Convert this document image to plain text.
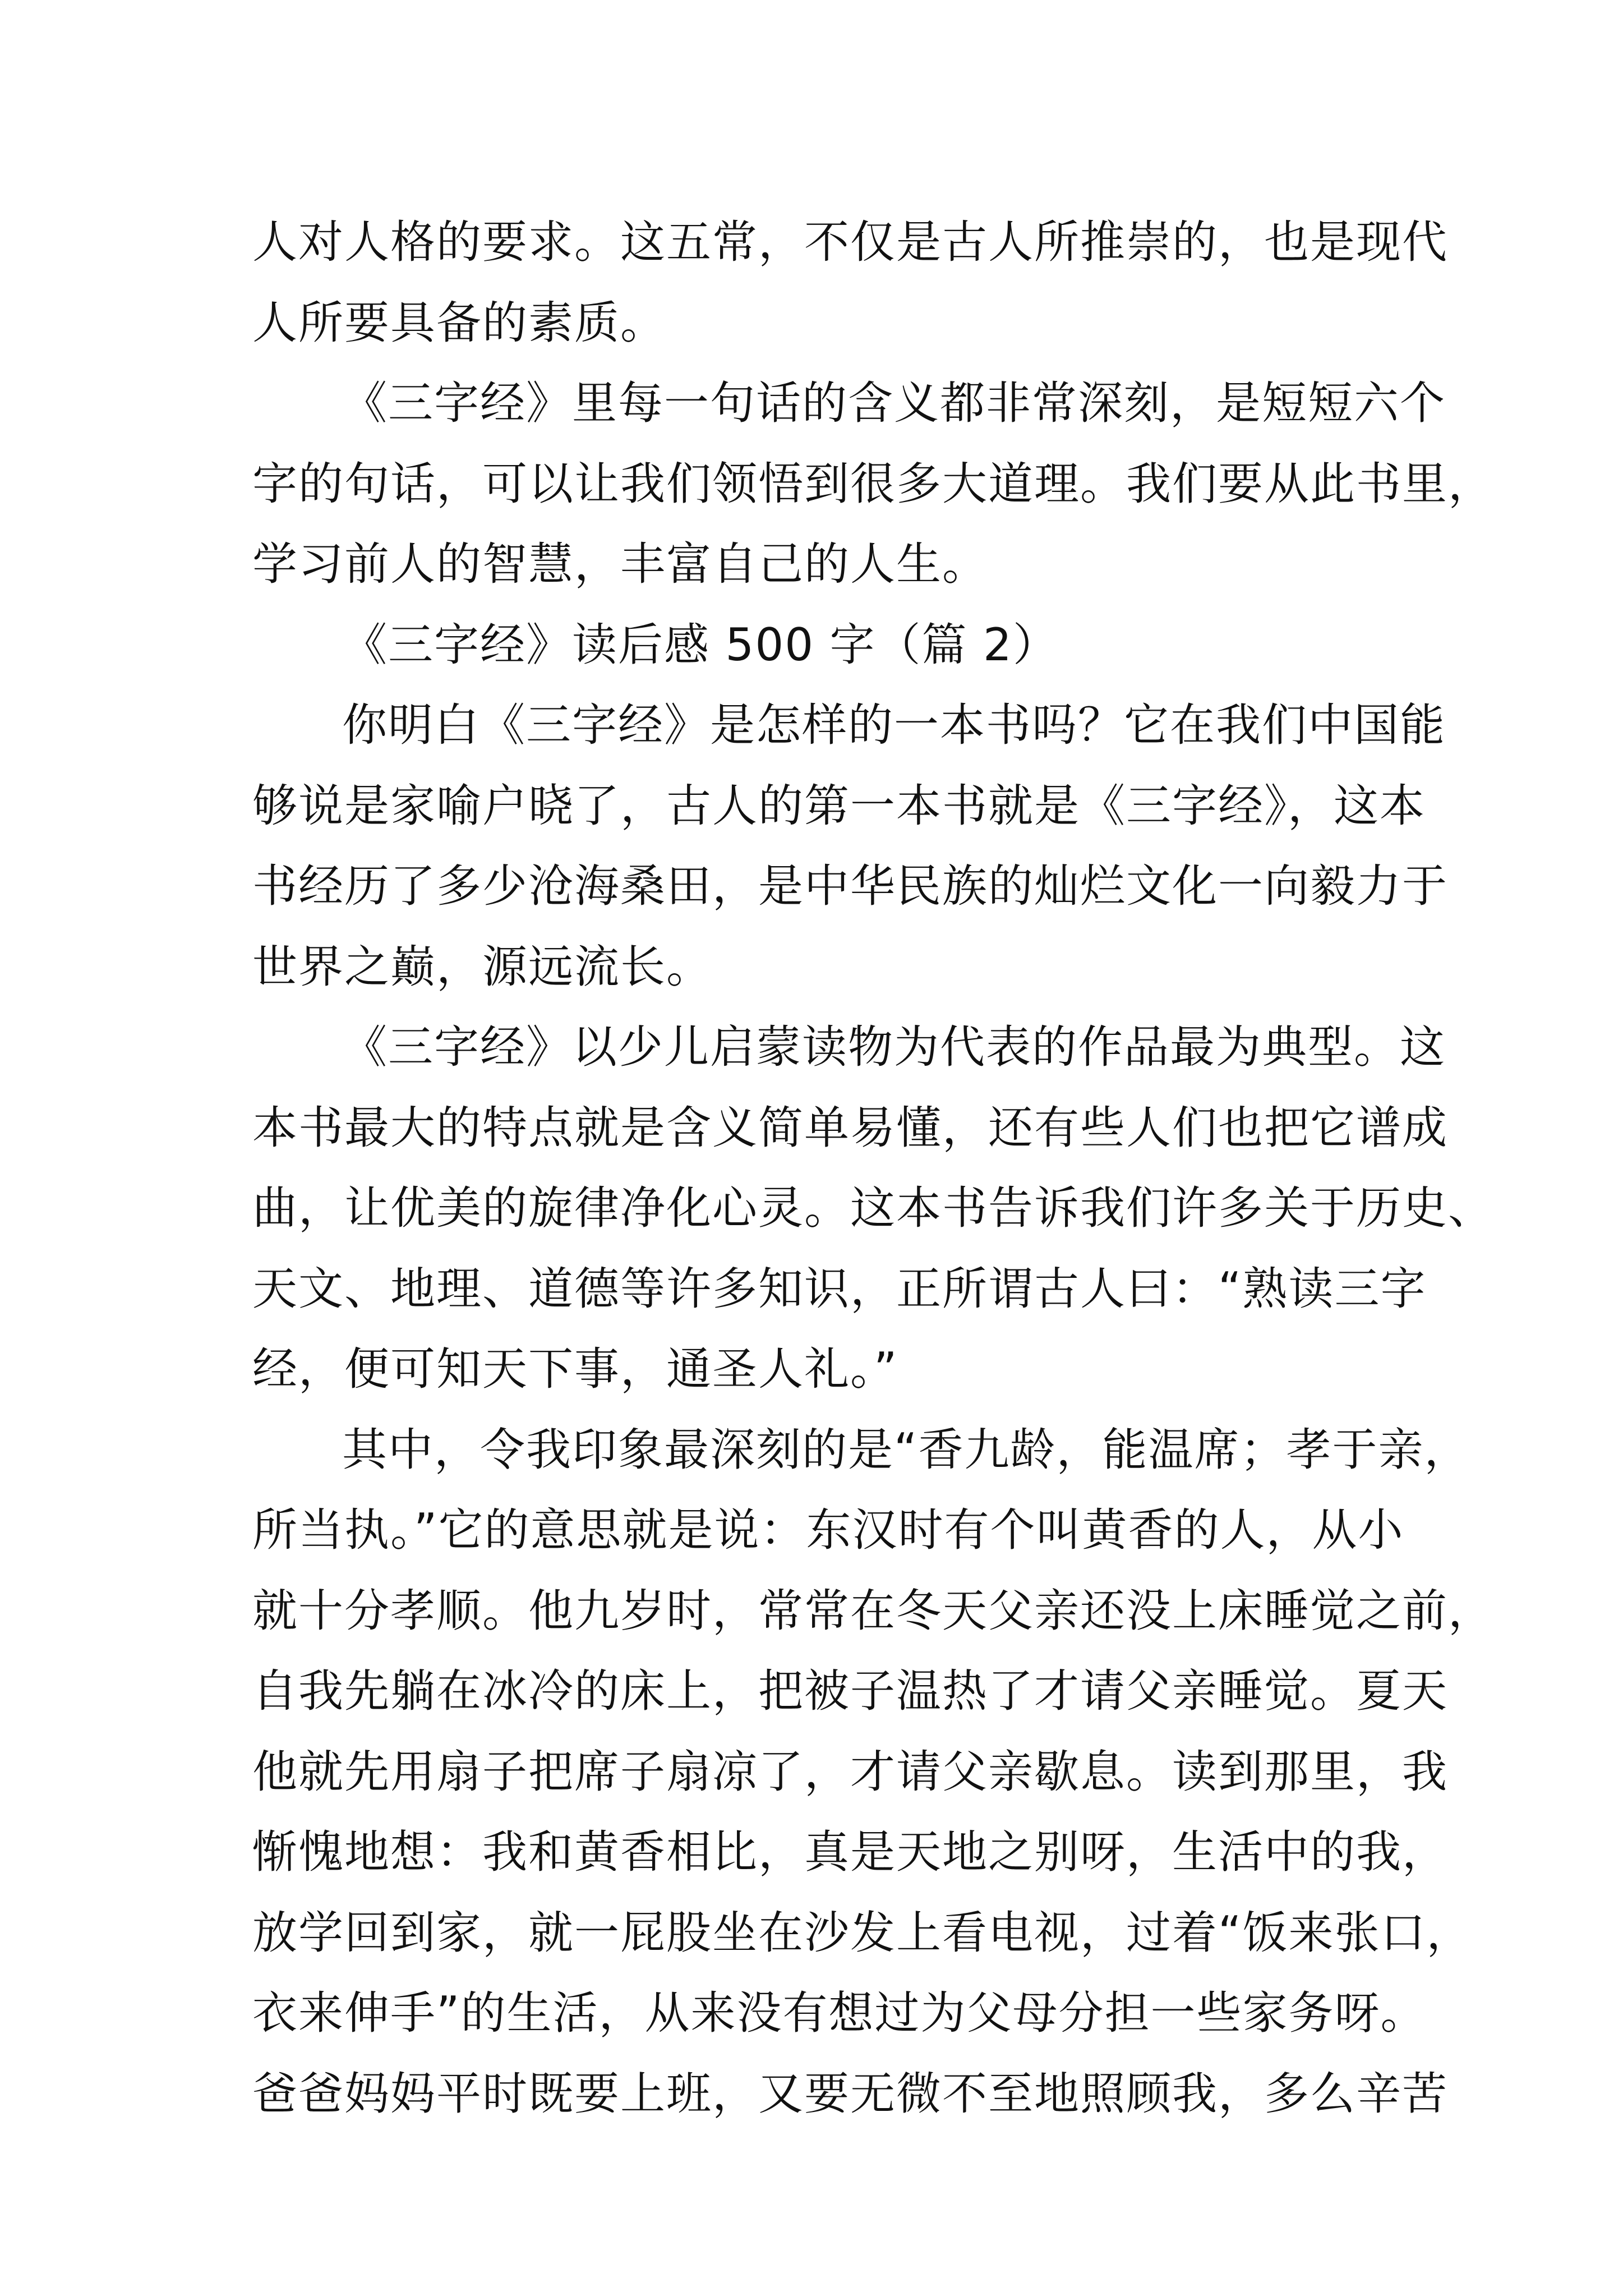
人对人格的要求。这五常，不仅是古人所推崇的，也是现代
人所要具备的素质。
《三字经》里每一句话的含义都非常深刻，是短短六个
字的句话，可以让我们领悟到很多大道理。我们要从此书里，
学习前人的智慧，丰富自己的人生。
《三字经》读后感 500 字（篇 2）
你明白《三字经》是怎样的一本书吗？它在我们中国能
够说是家喻户晓了，古人的第一本书就是《三字经》，这本
书经历了多少沧海桑田，是中华民族的灿烂文化一向毅力于
世界之巅，源远流长。
《三字经》以少儿启蒙读物为代表的作品最为典型。这
本书最大的特点就是含义简单易懂，还有些人们也把它谱成
曲，让优美的旋律净化心灵。这本书告诉我们许多关于历史、
天文、地理、道德等许多知识，正所谓古人曰：“熟读三字
经，便可知天下事，通圣人礼。”
其中，令我印象最深刻的是“香九龄，能温席；孝于亲，
所当执。”它的意思就是说：东汉时有个叫黄香的人，从小
就十分孝顺。他九岁时，常常在冬天父亲还没上床睡觉之前，
自我先躺在冰冷的床上，把被子温热了才请父亲睡觉。夏天
他就先用扇子把席子扇凉了，才请父亲歇息。读到那里，我
惭愧地想：我和黄香相比，真是天地之别呀，生活中的我，
放学回到家，就一屁股坐在沙发上看电视，过着“饭来张口，
衣来伸手”的生活，从来没有想过为父母分担一些家务呀。
爸爸妈妈平时既要上班，又要无微不至地照顾我，多么辛苦
